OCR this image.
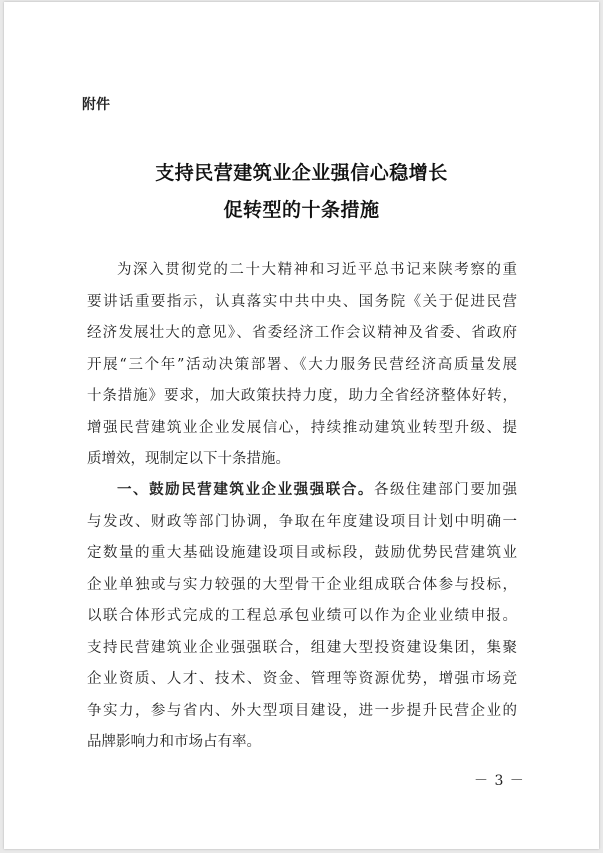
附件
支持民营建筑业企业强信心稳增长
促转型的十条措施
为深入贯彻党的二十大精神和习近平总书记来陕考察的重
要讲话重要指示，认真落实中共中央、国务院《关于促进民营
经济发展壮大的意见》、省委经济工作会议精神及省委、省政府
开展“三个年”活动决策部署、《大力服务民营经济高质量发展
十条措施》要求，加大政策扶持力度，助力全省经济整体好转，
增强民营建筑业企业发展信心，持续推动建筑业转型升级、提
质增效，现制定以下十条措施。
一、鼓励民营建筑业企业强强联合。各级住建部门要加强
与发改、财政等部门协调，争取在年度建设项目计划中明确一
定数量的重大基础设施建设项目或标段，鼓励优势民营建筑业
企业单独或与实力较强的大型骨干企业组成联合体参与投标，
以联合体形式完成的工程总承包业绩可以作为企业业绩申报。
支持民营建筑业企业强强联合，组建大型投资建设集团，集聚
企业资质、人才、技术、资金、管理等资源优势，增强市场竞
争实力，参与省内、外大型项目建设，进一步提升民营企业的
品牌影响力和市场占有率。
－ 3 －
